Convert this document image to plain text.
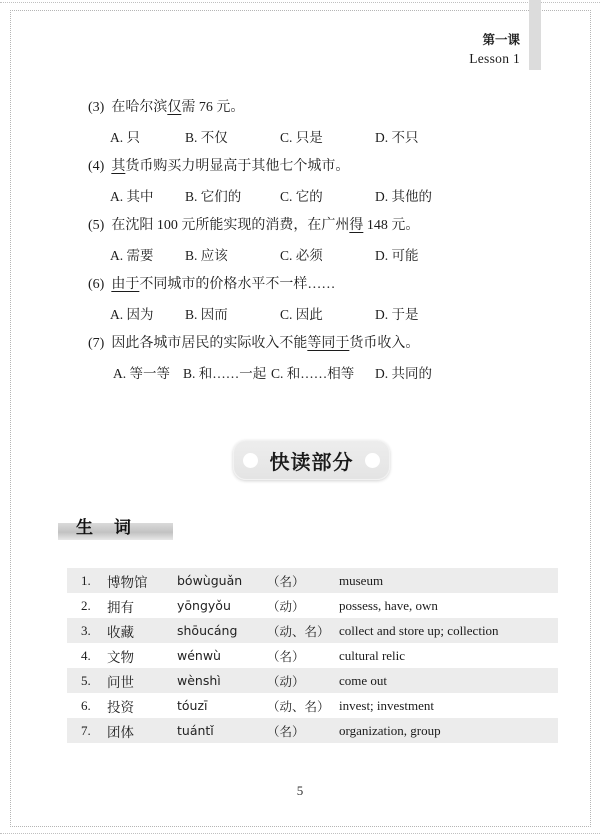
第一课
Lesson 1
(3) 在哈尔滨仅需 76 元。
A. 只	B. 不仅	C. 只是	D. 不只
(4) 其货币购买力明显高于其他七个城市。
A. 其中 B. 它们的	C. 它的	D. 其他的
(5) 在沈阳 100 元所能实现的消费，在广州得 148 元。
A. 需要 B. 应该	C. 必须	D. 可能
(6) 由于不同城市的价格水平不一样……
A. 因为 B. 因而	C. 因此	D. 于是
(7) 因此各城市居民的实际收入不能等同于货币收入。
A. 等一等 B. 和……一起 C. 和……相等 D. 共同的
快读部分
生　词
1.	博物馆	bówùguǎn	（名）	museum
2.	拥有	yōngyǒu	（动）	possess, have, own
3.	收藏	shōucáng	（动、名） collect and store up; collection
4.	文物	wénwù	（名）	cultural relic
5.	问世	wènshì	（动）	come out
6.	投资	tóuzī	（动、名） invest; investment
7.	团体	tuántǐ	（名）	organization, group
5
